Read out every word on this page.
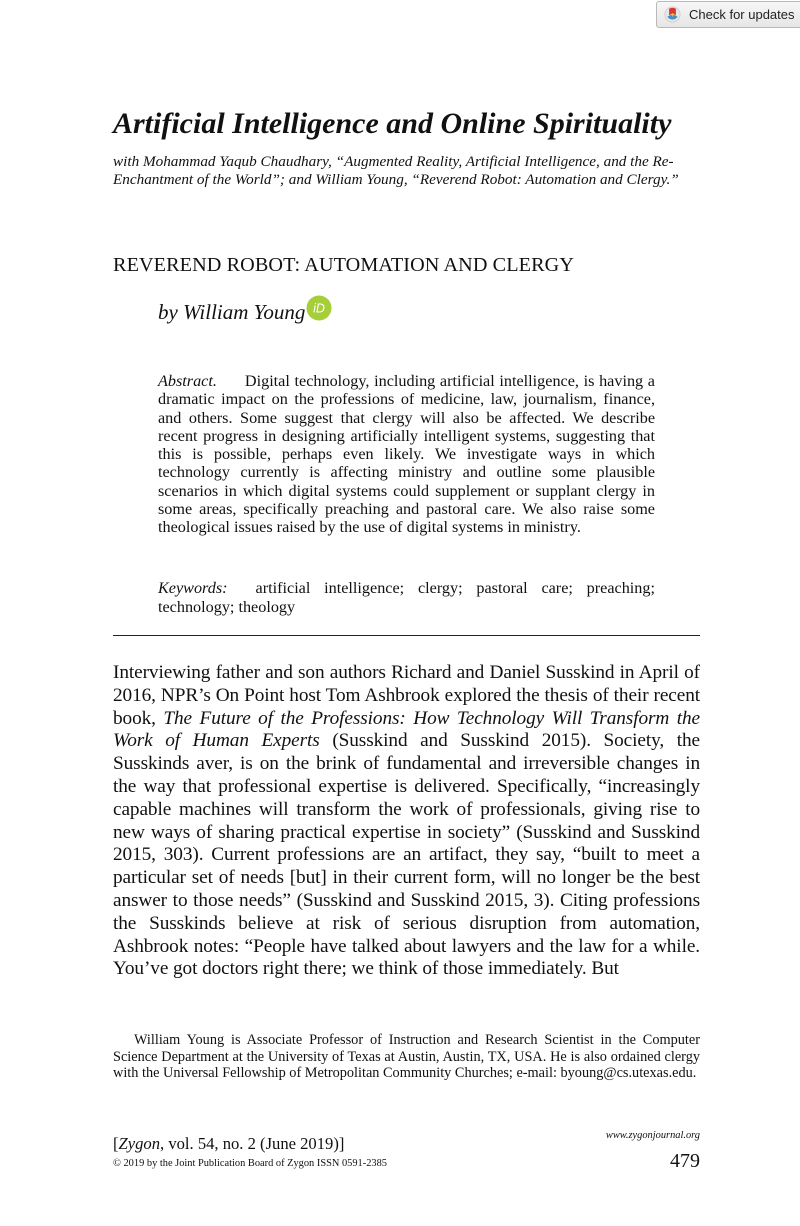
Check for updates
Artificial Intelligence and Online Spirituality
with Mohammad Yaqub Chaudhary, “Augmented Reality, Artificial Intelligence, and the Re-Enchantment of the World”; and William Young, “Reverend Robot: Automation and Clergy.”
REVEREND ROBOT: AUTOMATION AND CLERGY
by William Young iD
Abstract. Digital technology, including artificial intelligence, is having a dramatic impact on the professions of medicine, law, journalism, finance, and others. Some suggest that clergy will also be affected. We describe recent progress in designing artificially intelligent systems, suggesting that this is possible, perhaps even likely. We investigate ways in which technology currently is affecting ministry and outline some plausible scenarios in which digital systems could supplement or supplant clergy in some areas, specifically preaching and pastoral care. We also raise some theological issues raised by the use of digital systems in ministry.
Keywords: artificial intelligence; clergy; pastoral care; preaching; technology; theology
Interviewing father and son authors Richard and Daniel Susskind in April of 2016, NPR’s On Point host Tom Ashbrook explored the thesis of their recent book, The Future of the Professions: How Technology Will Transform the Work of Human Experts (Susskind and Susskind 2015). Society, the Susskinds aver, is on the brink of fundamental and irreversible changes in the way that professional expertise is delivered. Specifically, “increasingly capable machines will transform the work of professionals, giving rise to new ways of sharing practical expertise in society” (Susskind and Susskind 2015, 303). Current professions are an artifact, they say, “built to meet a particular set of needs [but] in their current form, will no longer be the best answer to those needs” (Susskind and Susskind 2015, 3). Citing professions the Susskinds believe at risk of serious disruption from automation, Ashbrook notes: “People have talked about lawyers and the law for a while. You’ve got doctors right there; we think of those immediately. But
William Young is Associate Professor of Instruction and Research Scientist in the Computer Science Department at the University of Texas at Austin, Austin, TX, USA. He is also ordained clergy with the Universal Fellowship of Metropolitan Community Churches; e-mail: byoung@cs.utexas.edu.
[Zygon, vol. 54, no. 2 (June 2019)]
© 2019 by the Joint Publication Board of Zygon ISSN 0591-2385
www.zygonjournal.org
479
